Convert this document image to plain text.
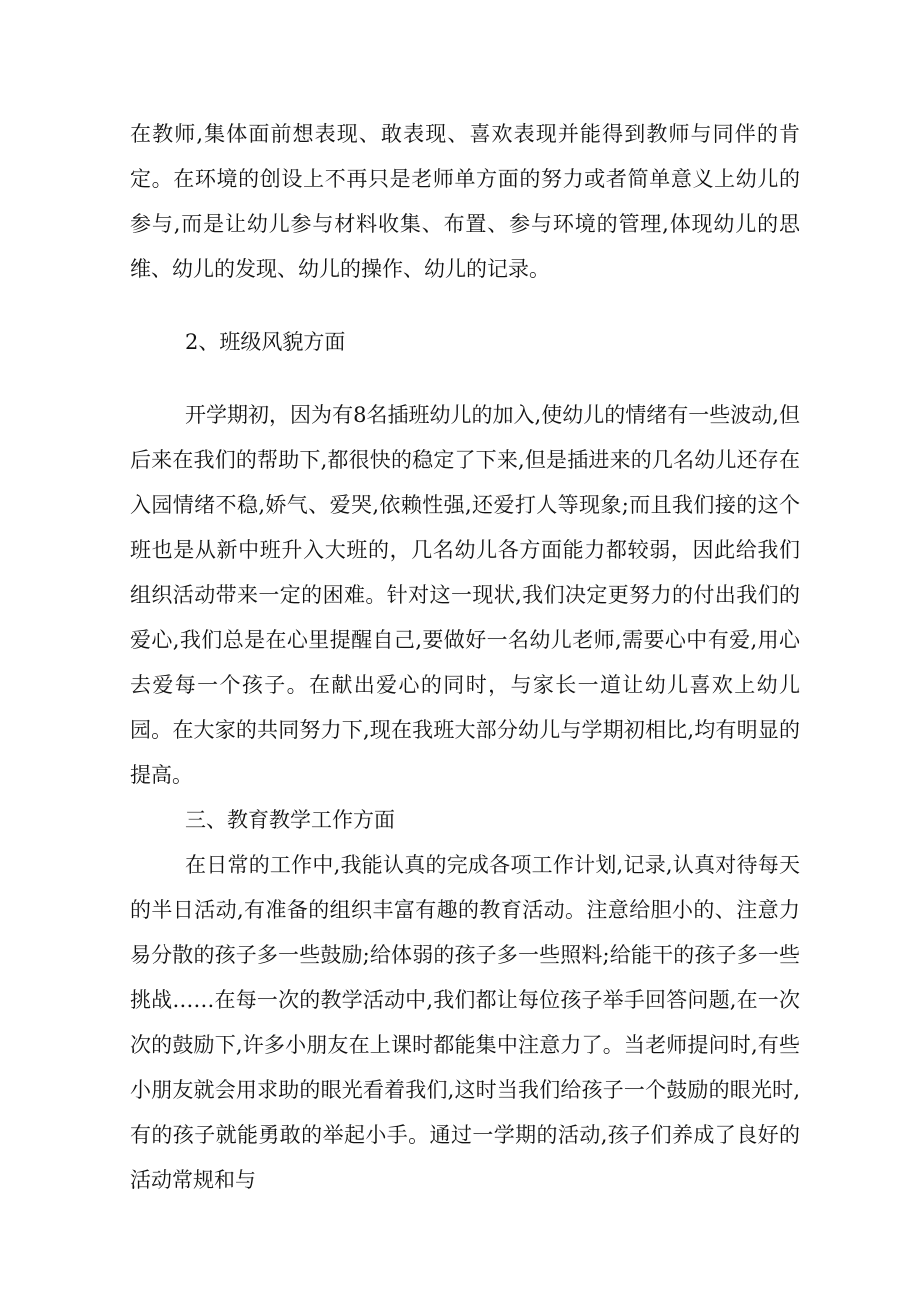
在教师,集体面前想表现、敢表现、喜欢表现并能得到教师与同伴的肯定。在环境的创设上不再只是老师单方面的努力或者简单意义上幼儿的参与,而是让幼儿参与材料收集、布置、参与环境的管理,体现幼儿的思维、幼儿的发现、幼儿的操作、幼儿的记录。

2、班级风貌方面

开学期初，因为有8名插班幼儿的加入,使幼儿的情绪有一些波动,但后来在我们的帮助下,都很快的稳定了下来,但是插进来的几名幼儿还存在入园情绪不稳,娇气、爱哭,依赖性强,还爱打人等现象;而且我们接的这个班也是从新中班升入大班的，几名幼儿各方面能力都较弱，因此给我们组织活动带来一定的困难。针对这一现状,我们决定更努力的付出我们的爱心,我们总是在心里提醒自己,要做好一名幼儿老师,需要心中有爱,用心去爱每一个孩子。在献出爱心的同时，与家长一道让幼儿喜欢上幼儿园。在大家的共同努力下,现在我班大部分幼儿与学期初相比,均有明显的提高。

三、教育教学工作方面

在日常的工作中,我能认真的完成各项工作计划,记录,认真对待每天的半日活动,有准备的组织丰富有趣的教育活动。注意给胆小的、注意力易分散的孩子多一些鼓励;给体弱的孩子多一些照料;给能干的孩子多一些挑战……在每一次的教学活动中,我们都让每位孩子举手回答问题,在一次次的鼓励下,许多小朋友在上课时都能集中注意力了。当老师提问时,有些小朋友就会用求助的眼光看着我们,这时当我们给孩子一个鼓励的眼光时,有的孩子就能勇敢的举起小手。通过一学期的活动,孩子们养成了良好的活动常规和与
